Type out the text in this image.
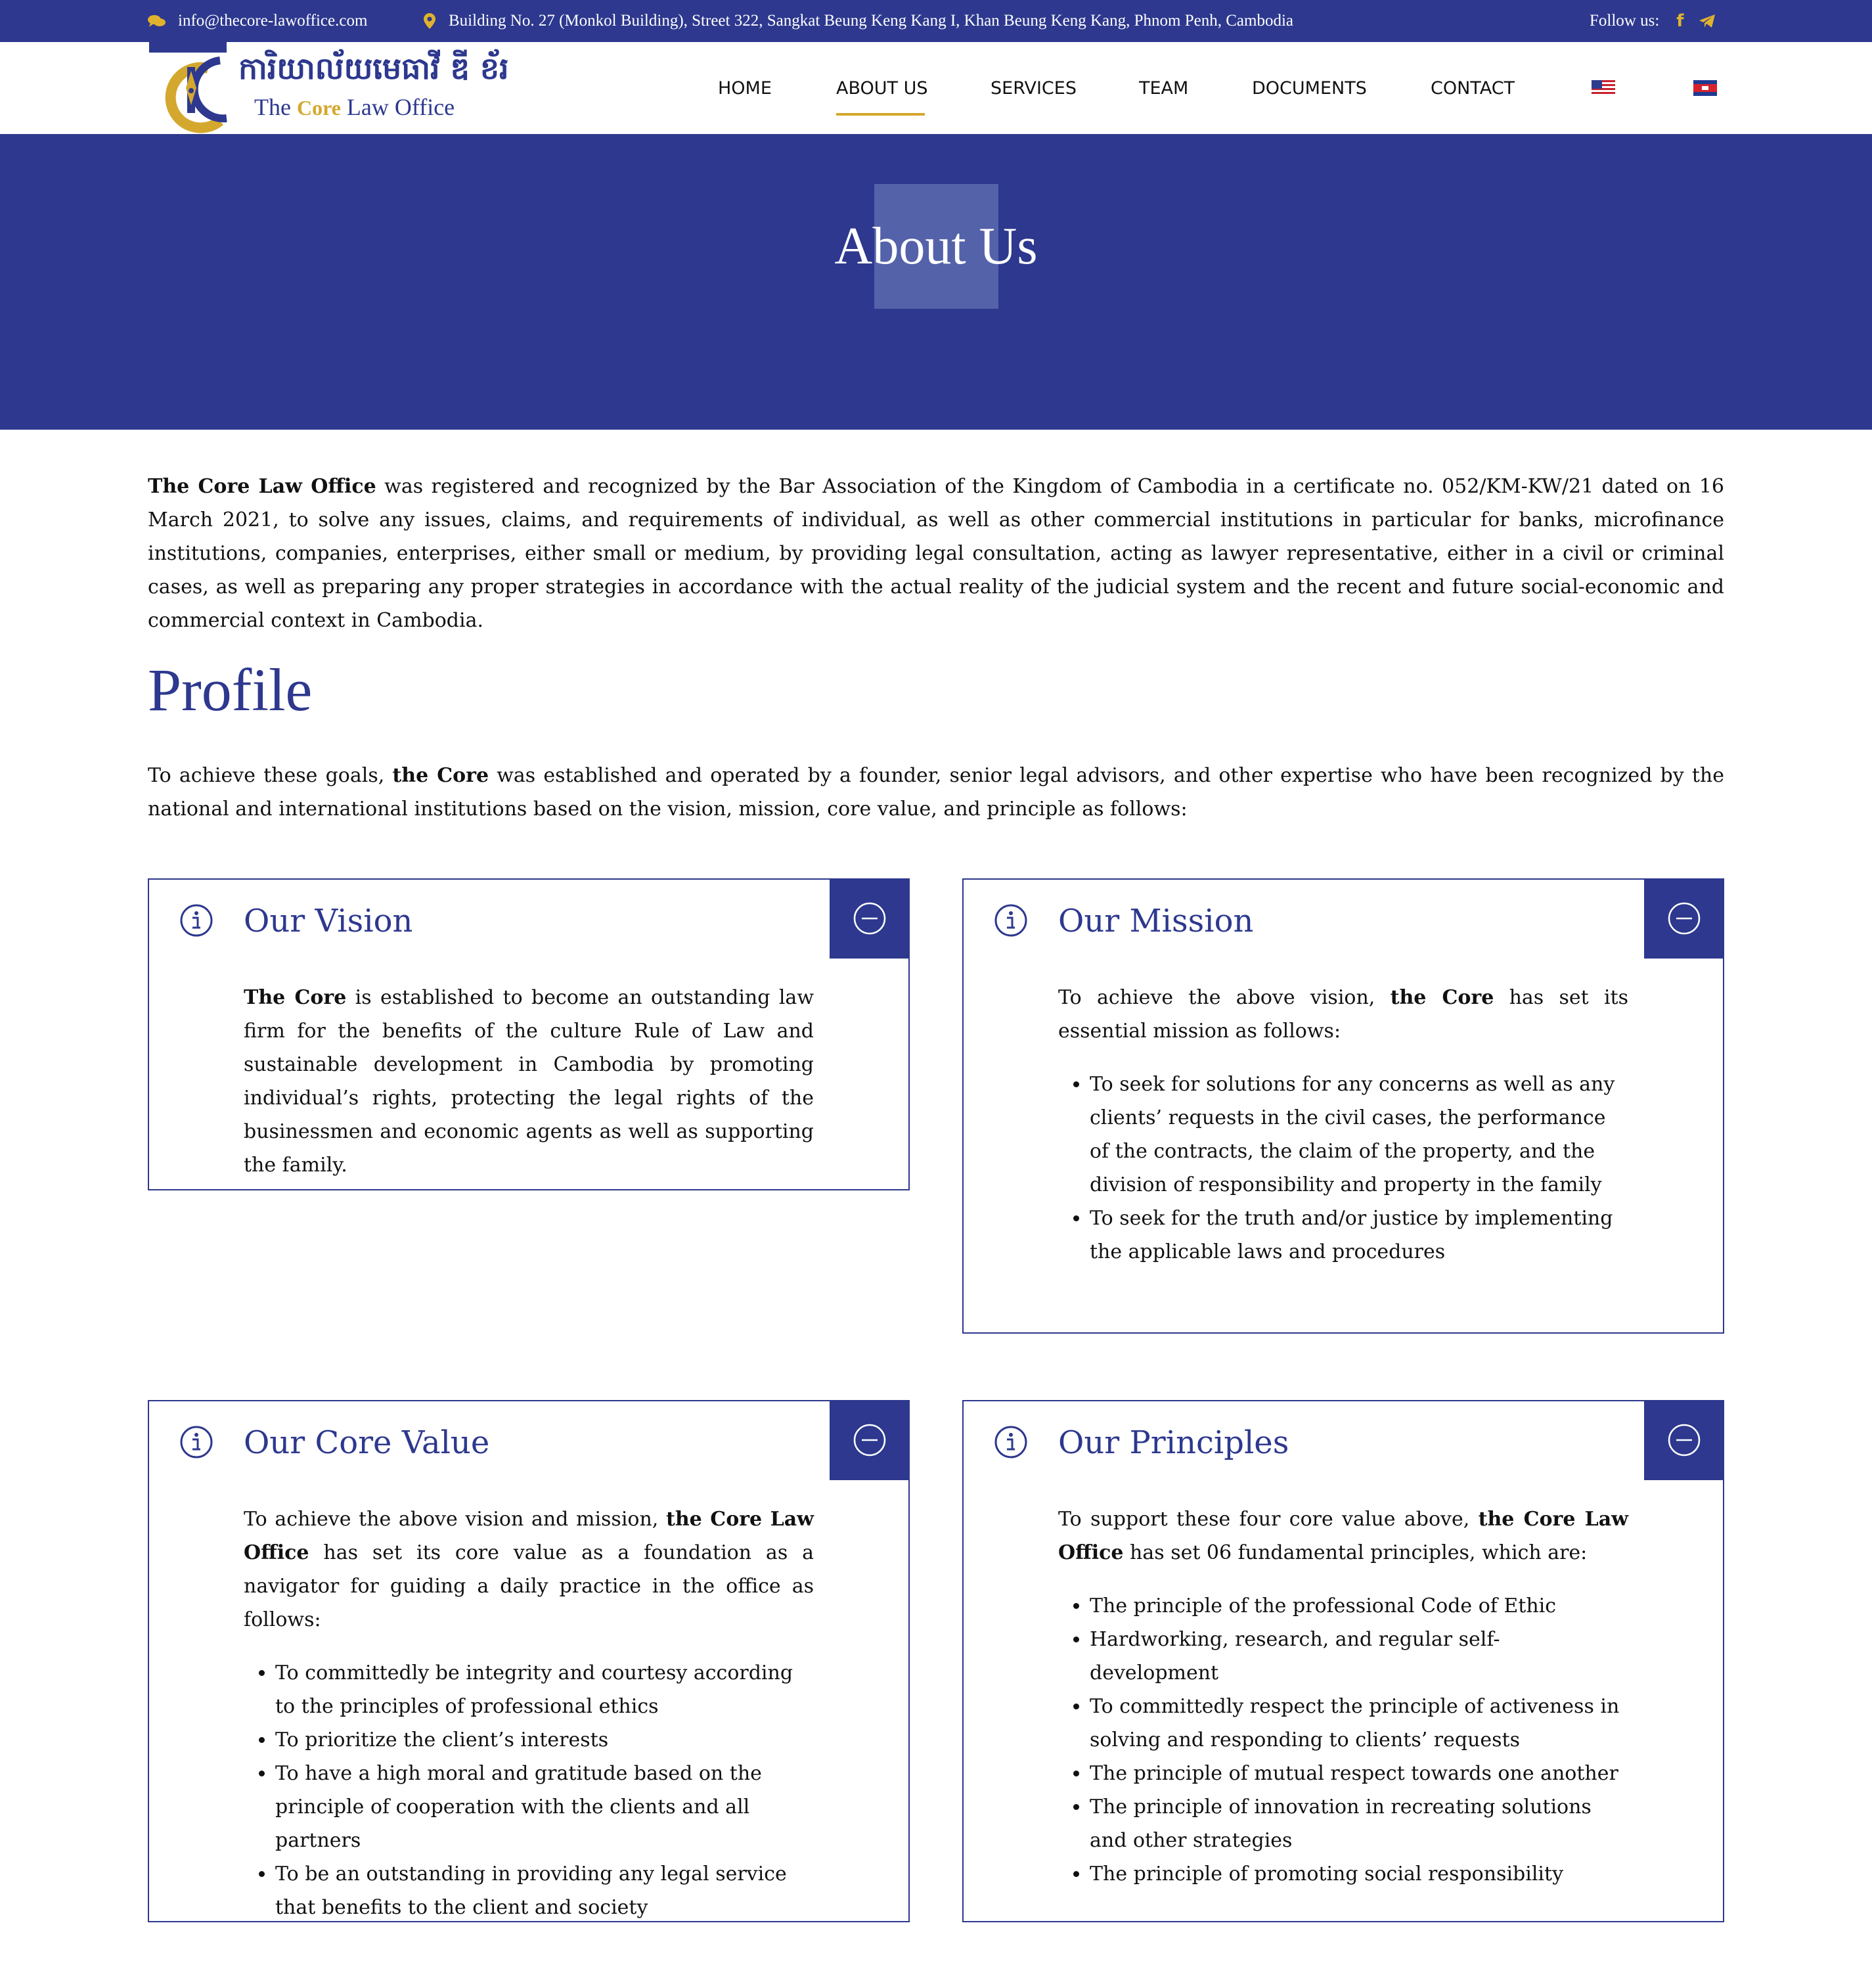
info@thecore-lawoffice.com	Building No. 27 (Monkol Building), Street 322, Sangkat Beung Keng Kang I, Khan Beung Keng Kang, Phnom Penh, Cambodia	Follow us: f
ការិយាល័យមេធាវី ឌី ខ័រ
The Core Law Office
HOME	ABOUT US	SERVICES	TEAM	DOCUMENTS	CONTACT
About Us
The Core Law Office was registered and recognized by the Bar Association of the Kingdom of Cambodia in a certificate no. 052/KM-KW/21 dated on 16 March 2021, to solve any issues, claims, and requirements of individual, as well as other commercial institutions in particular for banks, microfinance institutions, companies, enterprises, either small or medium, by providing legal consultation, acting as lawyer representative, either in a civil or criminal cases, as well as preparing any proper strategies in accordance with the actual reality of the judicial system and the recent and future social-economic and commercial context in Cambodia.
Profile
To achieve these goals, the Core was established and operated by a founder, senior legal advisors, and other expertise who have been recognized by the national and international institutions based on the vision, mission, core value, and principle as follows:
Our Vision

The Core is established to become an outstanding law firm for the benefits of the culture Rule of Law and sustainable development in Cambodia by promoting individual’s rights, protecting the legal rights of the businessmen and economic agents as well as supporting the family.

Our Mission

To achieve the above vision, the Core has set its essential mission as follows:

• To seek for solutions for any concerns as well as any clients’ requests in the civil cases, the performance of the contracts, the claim of the property, and the division of responsibility and property in the family
• To seek for the truth and/or justice by implementing the applicable laws and procedures
Our Core Value

To achieve the above vision and mission, the Core Law Office has set its core value as a foundation as a navigator for guiding a daily practice in the office as follows:

• To committedly be integrity and courtesy according to the principles of professional ethics
• To prioritize the client’s interests
• To have a high moral and gratitude based on the principle of cooperation with the clients and all partners
• To be an outstanding in providing any legal service that benefits to the client and society
Our Principles

To support these four core value above, the Core Law Office has set 06 fundamental principles, which are:

• The principle of the professional Code of Ethic
• Hardworking, research, and regular self-development
• To committedly respect the principle of activeness in solving and responding to clients’ requests
• The principle of mutual respect towards one another
• The principle of innovation in recreating solutions and other strategies
• The principle of promoting social responsibility
